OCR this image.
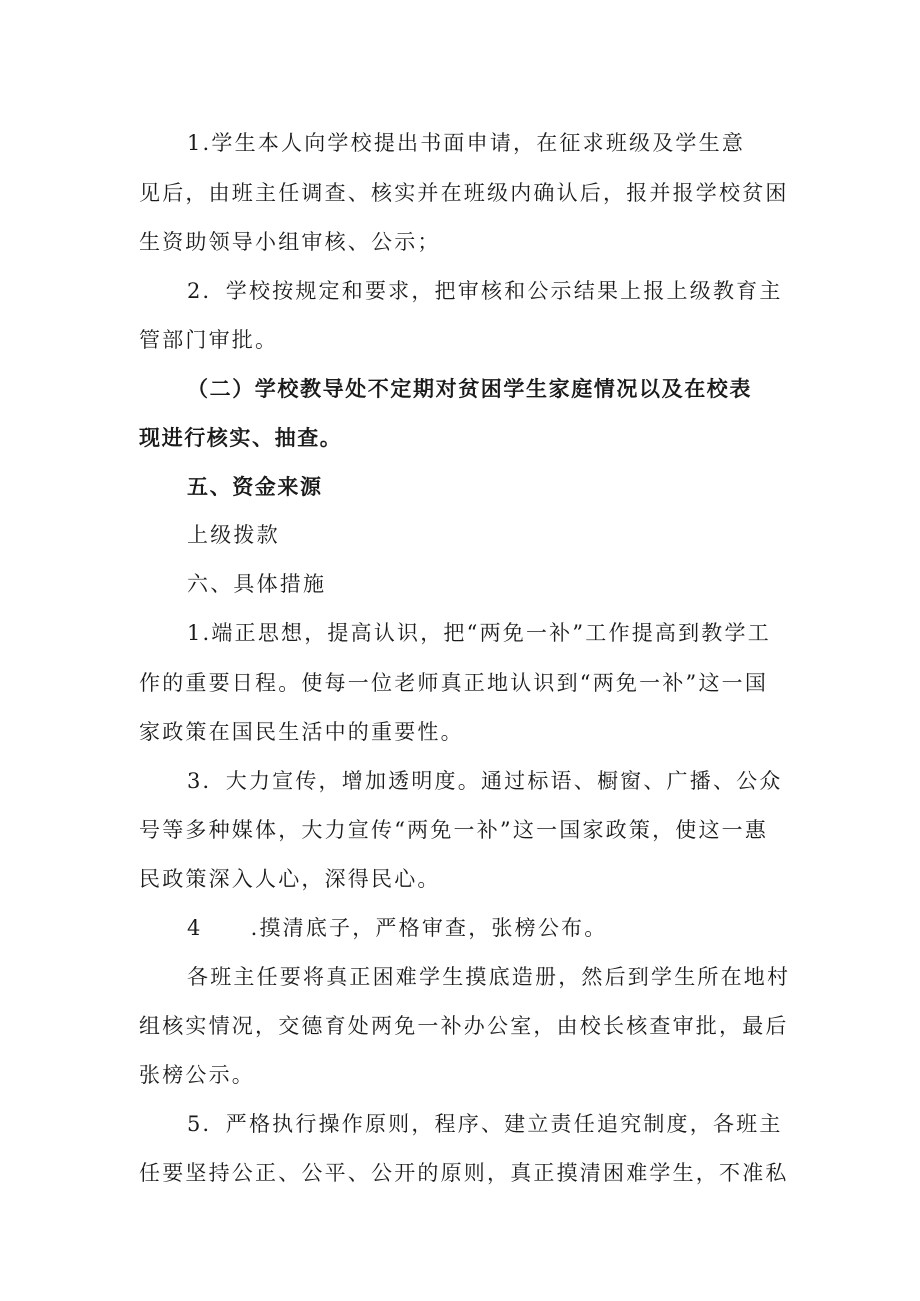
1.学生本人向学校提出书面申请，在征求班级及学生意
见后，由班主任调查、核实并在班级内确认后，报并报学校贫困
生资助领导小组审核、公示；
2．学校按规定和要求，把审核和公示结果上报上级教育主
管部门审批。
（二）学校教导处不定期对贫困学生家庭情况以及在校表
现进行核实、抽查。
五、资金来源
上级拨款
六、具体措施
1.端正思想，提高认识，把“两免一补”工作提高到教学工
作的重要日程。使每一位老师真正地认识到“两免一补”这一国
家政策在国民生活中的重要性。
3．大力宣传，增加透明度。通过标语、橱窗、广播、公众
号等多种媒体，大力宣传“两免一补”这一国家政策，使这一惠
民政策深入人心，深得民心。
4 .摸清底子，严格审查，张榜公布。
各班主任要将真正困难学生摸底造册，然后到学生所在地村
组核实情况，交德育处两免一补办公室，由校长核查审批，最后
张榜公示。
5．严格执行操作原则，程序、建立责任追究制度，各班主
任要坚持公正、公平、公开的原则，真正摸清困难学生，不准私
